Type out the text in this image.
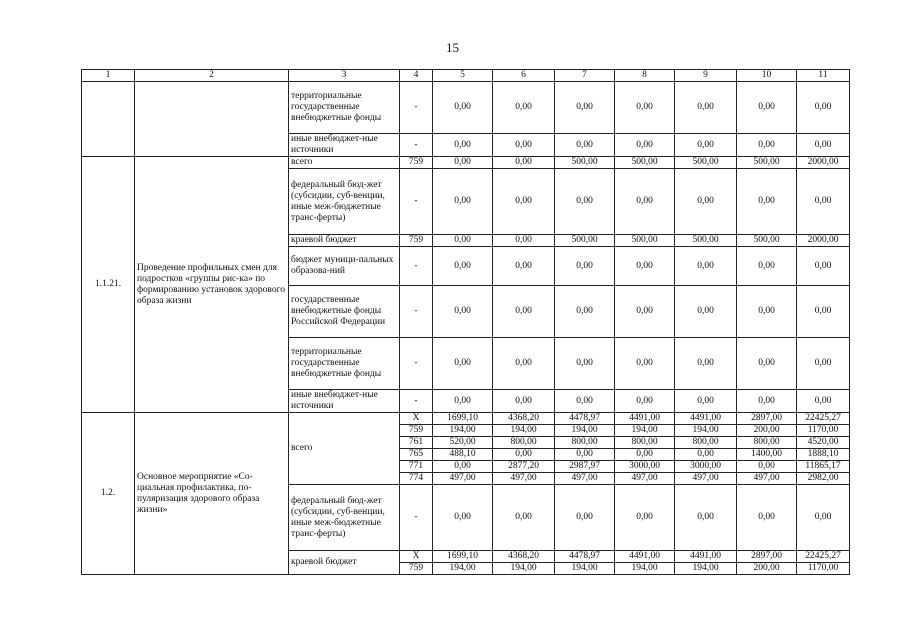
15
1	2	3	4	5	6	7	8	9	10	11
		территориальные государственные внебюджетные фонды	-	0,00	0,00	0,00	0,00	0,00	0,00	0,00
		иные внебюджет-ные источники	-	0,00	0,00	0,00	0,00	0,00	0,00	0,00
1.1.21.	Проведение профильных смен для подростков «группы рис-ка» по формированию установок здорового образа жизни	всего	759	0,00	0,00	500,00	500,00	500,00	500,00	2000,00
		федеральный бюд-жет (субсидии, суб-венции, иные меж-бюджетные транс-ферты)	-	0,00	0,00	0,00	0,00	0,00	0,00	0,00
		краевой бюджет	759	0,00	0,00	500,00	500,00	500,00	500,00	2000,00
		бюджет муници-пальных образова-ний	-	0,00	0,00	0,00	0,00	0,00	0,00	0,00
		государственные внебюджетные фонды Российской Федерации	-	0,00	0,00	0,00	0,00	0,00	0,00	0,00
		территориальные государственные внебюджетные фонды	-	0,00	0,00	0,00	0,00	0,00	0,00	0,00
		иные внебюджет-ные источники	-	0,00	0,00	0,00	0,00	0,00	0,00	0,00
1.2.	Основное мероприятие «Со-циальная профилактика, по-пуляризация здорового образа жизни»	всего	X	1699,10	4368,20	4478,97	4491,00	4491,00	2897,00	22425,27
			759	194,00	194,00	194,00	194,00	194,00	200,00	1170,00
			761	520,00	800,00	800,00	800,00	800,00	800,00	4520,00
			765	488,10	0,00	0,00	0,00	0,00	1400,00	1888,10
			771	0,00	2877,20	2987,97	3000,00	3000,00	0,00	11865,17
			774	497,00	497,00	497,00	497,00	497,00	497,00	2982,00
		федеральный бюд-жет (субсидии, суб-венции, иные меж-бюджетные транс-ферты)	-	0,00	0,00	0,00	0,00	0,00	0,00	0,00
		краевой бюджет	X	1699,10	4368,20	4478,97	4491,00	4491,00	2897,00	22425,27
			759	194,00	194,00	194,00	194,00	194,00	200,00	1170,00
